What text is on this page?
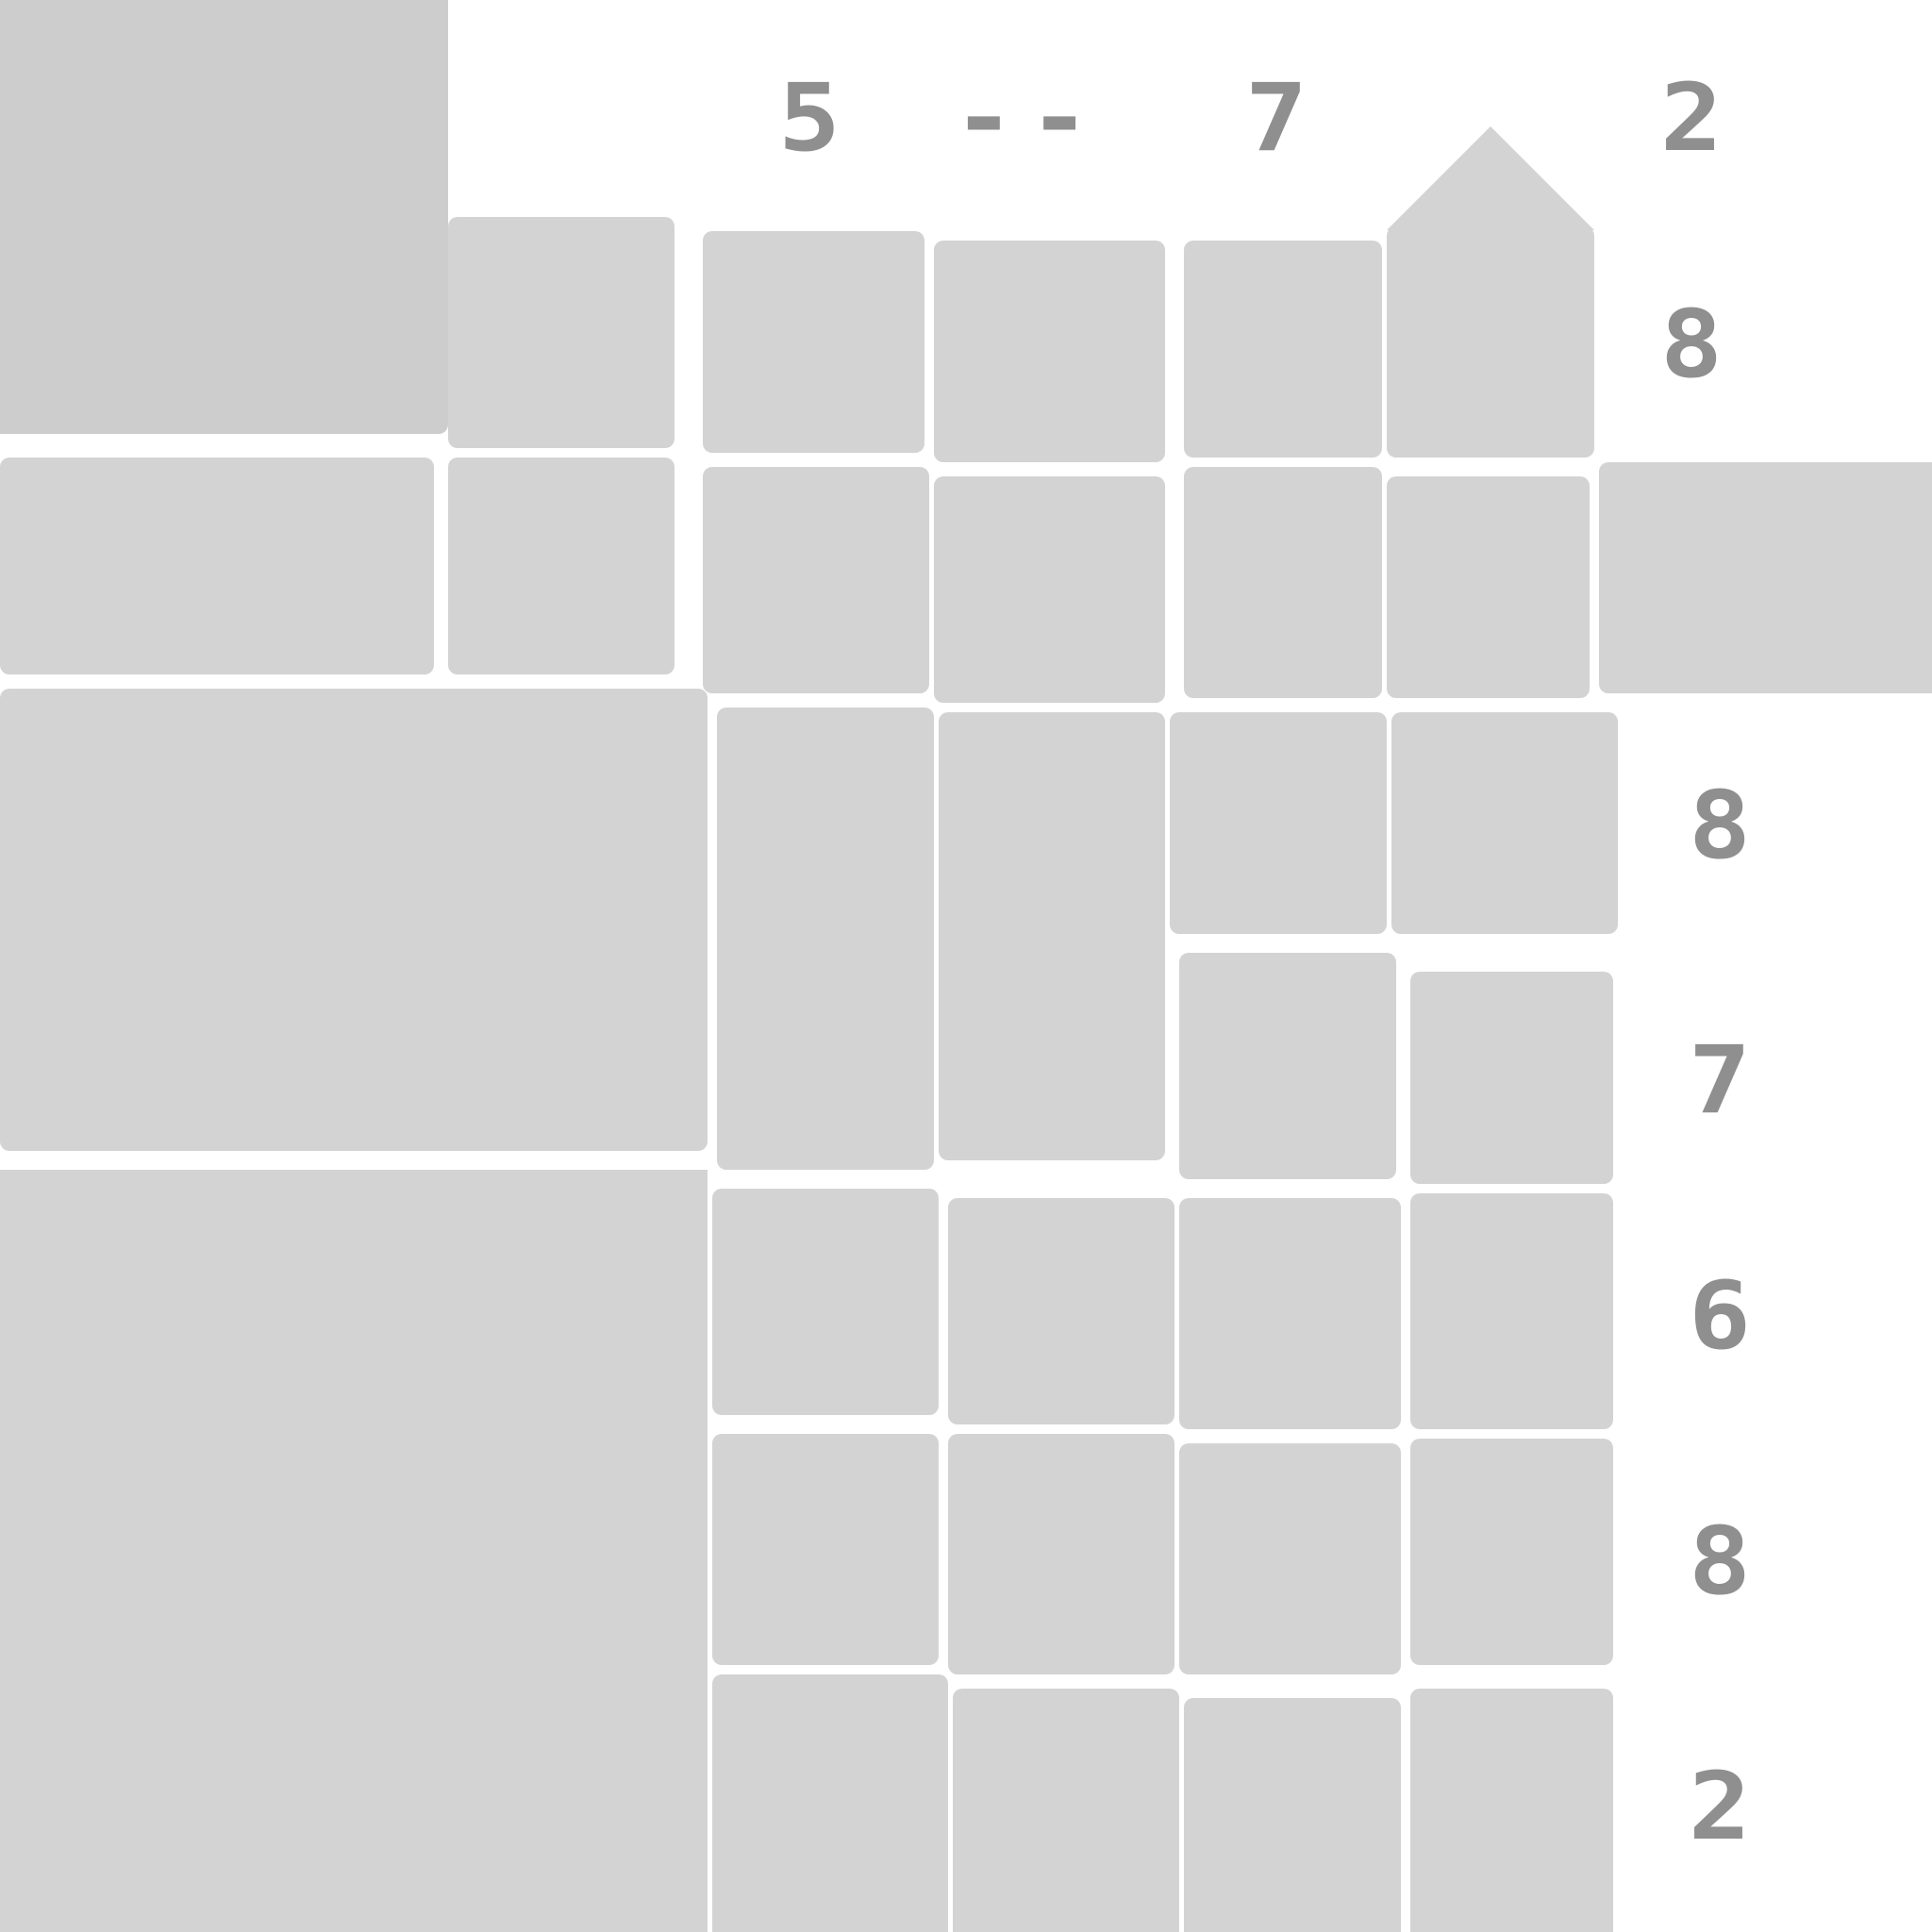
5 --	7	2
8
8
7
6
8
2
